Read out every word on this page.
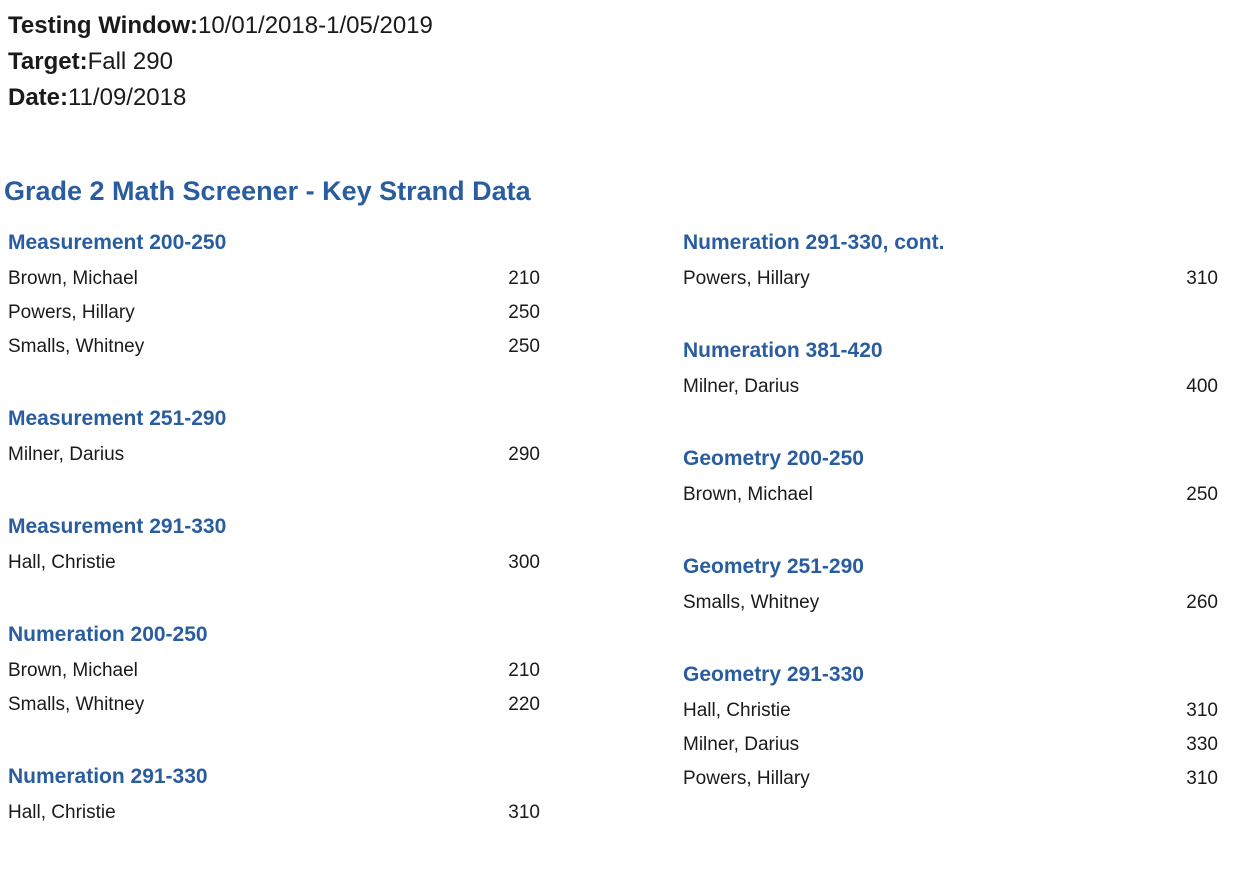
Testing Window:10/01/2018-1/05/2019
Target:Fall 290
Date:11/09/2018
Grade 2 Math Screener - Key Strand Data
Measurement 200-250
Brown, Michael	210
Powers, Hillary	250
Smalls, Whitney	250
Measurement 251-290
Milner, Darius	290
Measurement 291-330
Hall, Christie	300
Numeration 200-250
Brown, Michael	210
Smalls, Whitney	220
Numeration 291-330
Hall, Christie	310
Numeration 291-330, cont.
Powers, Hillary	310
Numeration 381-420
Milner, Darius	400
Geometry 200-250
Brown, Michael	250
Geometry 251-290
Smalls, Whitney	260
Geometry 291-330
Hall, Christie	310
Milner, Darius	330
Powers, Hillary	310
